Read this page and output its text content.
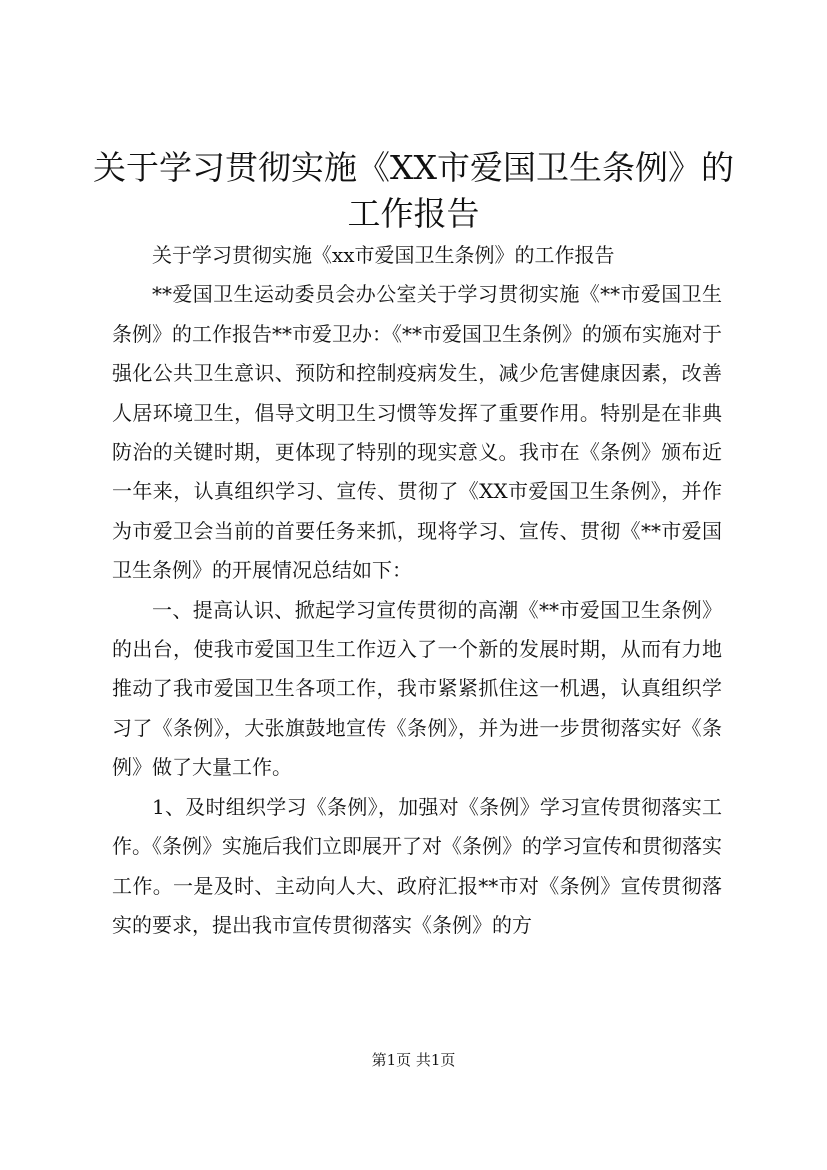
关于学习贯彻实施《XX市爱国卫生条例》的
工作报告

关于学习贯彻实施《xx市爱国卫生条例》的工作报告

**爱国卫生运动委员会办公室关于学习贯彻实施《**市爱国卫生条例》的工作报告**市爱卫办：《**市爱国卫生条例》的颁布实施对于强化公共卫生意识、预防和控制疫病发生，减少危害健康因素，改善人居环境卫生，倡导文明卫生习惯等发挥了重要作用。特别是在非典防治的关键时期，更体现了特别的现实意义。我市在《条例》颁布近一年来，认真组织学习、宣传、贯彻了《XX市爱国卫生条例》，并作为市爱卫会当前的首要任务来抓，现将学习、宣传、贯彻《**市爱国卫生条例》的开展情况总结如下：

一、提高认识、掀起学习宣传贯彻的高潮《**市爱国卫生条例》的出台，使我市爱国卫生工作迈入了一个新的发展时期，从而有力地推动了我市爱国卫生各项工作，我市紧紧抓住这一机遇，认真组织学习了《条例》，大张旗鼓地宣传《条例》，并为进一步贯彻落实好《条例》做了大量工作。

1、及时组织学习《条例》，加强对《条例》学习宣传贯彻落实工作。《条例》实施后我们立即展开了对《条例》的学习宣传和贯彻落实工作。一是及时、主动向人大、政府汇报**市对《条例》宣传贯彻落实的要求，提出我市宣传贯彻落实《条例》的方

第1页 共1页
